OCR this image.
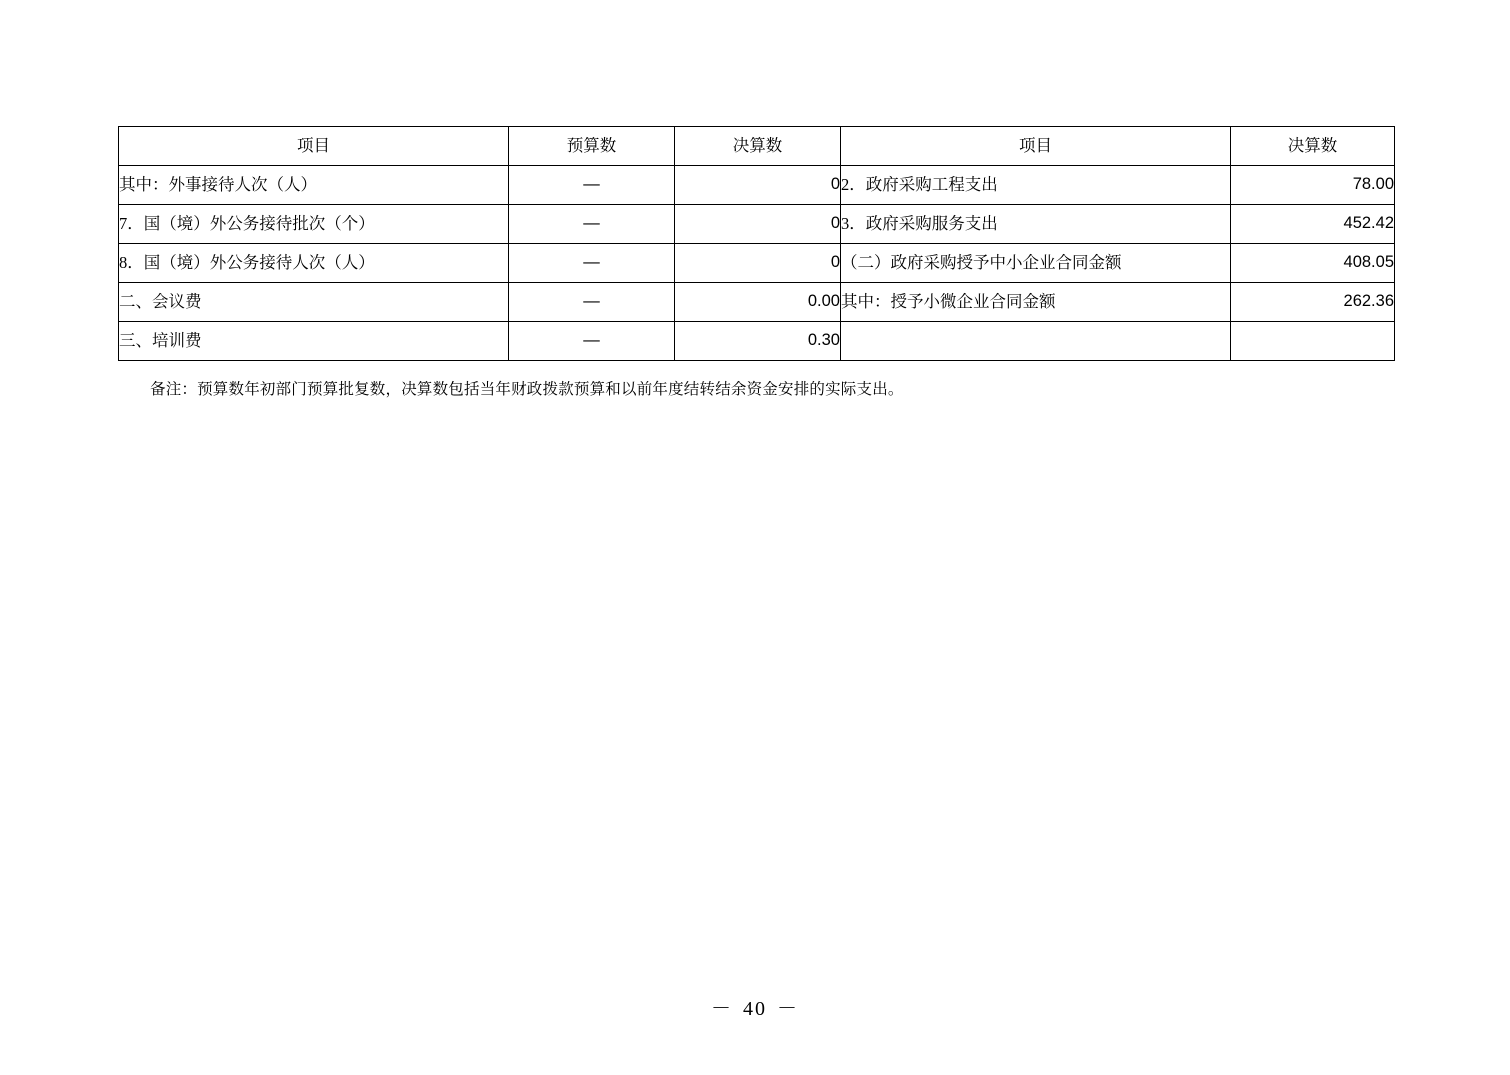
项目	预算数	决算数	项目	决算数
其中：外事接待人次（人）	—	0	2．政府采购工程支出	78.00
7．国（境）外公务接待批次（个）	—	0	3．政府采购服务支出	452.42
8．国（境）外公务接待人次（人）	—	0	（二）政府采购授予中小企业合同金额	408.05
二、会议费	—	0.00	其中：授予小微企业合同金额	262.36
三、培训费	—	0.30		
备注：预算数年初部门预算批复数，决算数包括当年财政拨款预算和以前年度结转结余资金安排的实际支出。
－ 40 －
